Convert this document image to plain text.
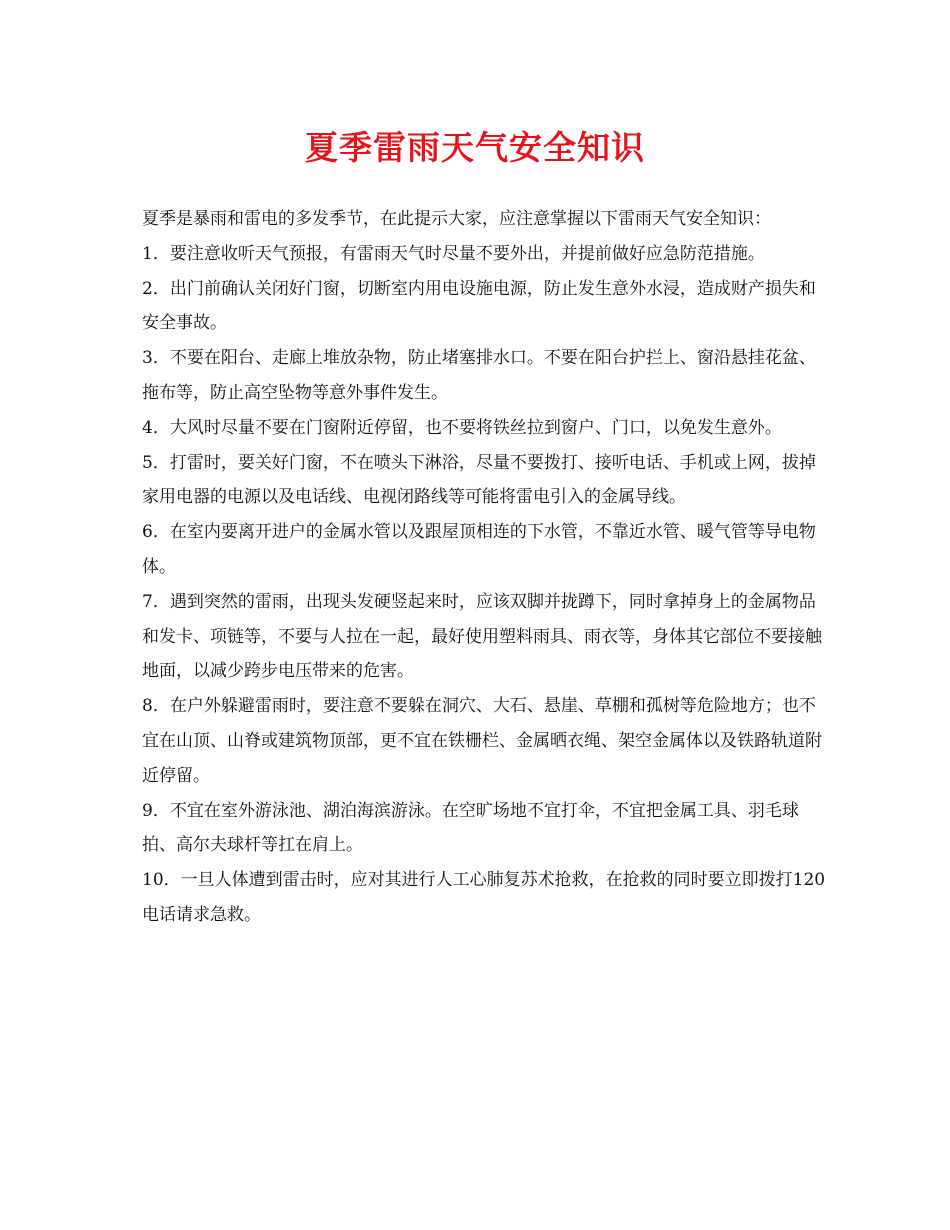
夏季雷雨天气安全知识

夏季是暴雨和雷电的多发季节，在此提示大家，应注意掌握以下雷雨天气安全知识：

1．要注意收听天气预报，有雷雨天气时尽量不要外出，并提前做好应急防范措施。

2．出门前确认关闭好门窗，切断室内用电设施电源，防止发生意外水浸，造成财产损失和安全事故。

3．不要在阳台、走廊上堆放杂物，防止堵塞排水口。不要在阳台护拦上、窗沿悬挂花盆、拖布等，防止高空坠物等意外事件发生。

4．大风时尽量不要在门窗附近停留，也不要将铁丝拉到窗户、门口，以免发生意外。

5．打雷时，要关好门窗，不在喷头下淋浴，尽量不要拨打、接听电话、手机或上网，拔掉家用电器的电源以及电话线、电视闭路线等可能将雷电引入的金属导线。

6．在室内要离开进户的金属水管以及跟屋顶相连的下水管，不靠近水管、暖气管等导电物体。

7．遇到突然的雷雨，出现头发硬竖起来时，应该双脚并拢蹲下，同时拿掉身上的金属物品和发卡、项链等，不要与人拉在一起，最好使用塑料雨具、雨衣等，身体其它部位不要接触地面，以减少跨步电压带来的危害。

8．在户外躲避雷雨时，要注意不要躲在洞穴、大石、悬崖、草棚和孤树等危险地方；也不宜在山顶、山脊或建筑物顶部，更不宜在铁栅栏、金属晒衣绳、架空金属体以及铁路轨道附近停留。

9．不宜在室外游泳池、湖泊海滨游泳。在空旷场地不宜打伞，不宜把金属工具、羽毛球拍、高尔夫球杆等扛在肩上。

10．一旦人体遭到雷击时，应对其进行人工心肺复苏术抢救，在抢救的同时要立即拨打120电话请求急救。
